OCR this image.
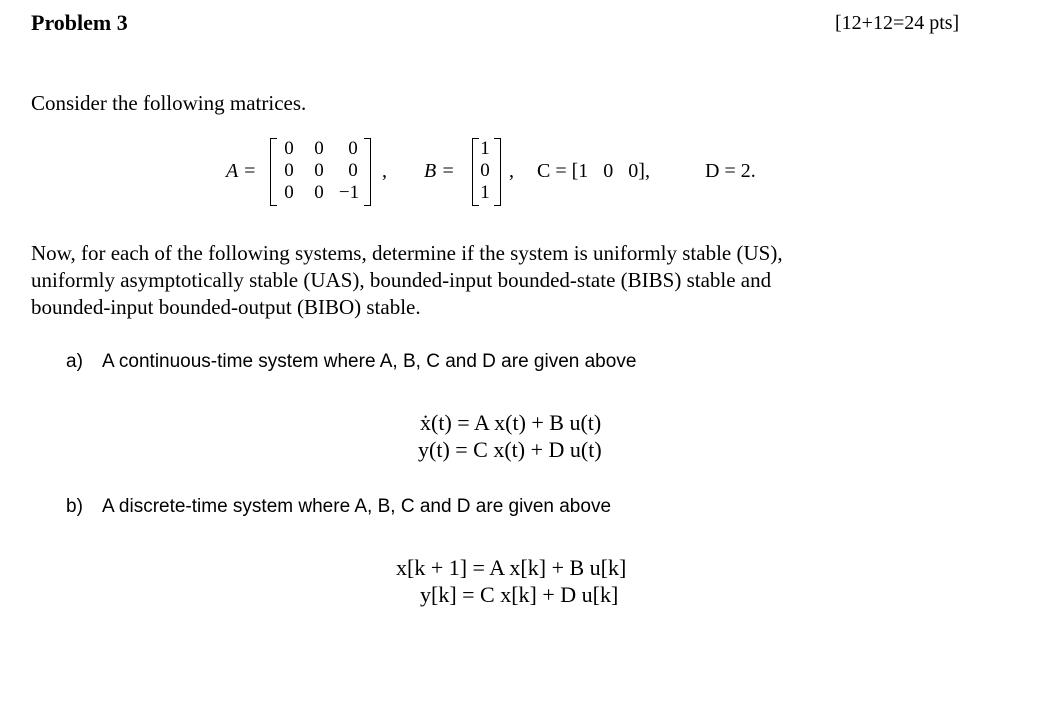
Problem 3	[12+12=24 pts]
Consider the following matrices.
A =
0	0	0
0	0	0
0	0 −1
, B =
1
0
1
, C = [1   0   0],	D = 2.
Now, for each of the following systems, determine if the system is uniformly stable (US),
uniformly asymptotically stable (UAS), bounded-input bounded-state (BIBS) stable and
bounded-input bounded-output (BIBO) stable.
a) A continuous-time system where A, B, C and D are given above
ẋ(t) = A x(t) + B u(t)
y(t) = C x(t) + D u(t)
b) A discrete-time system where A, B, C and D are given above
x[k + 1] = A x[k] + B u[k]
y[k] = C x[k] + D u[k]
